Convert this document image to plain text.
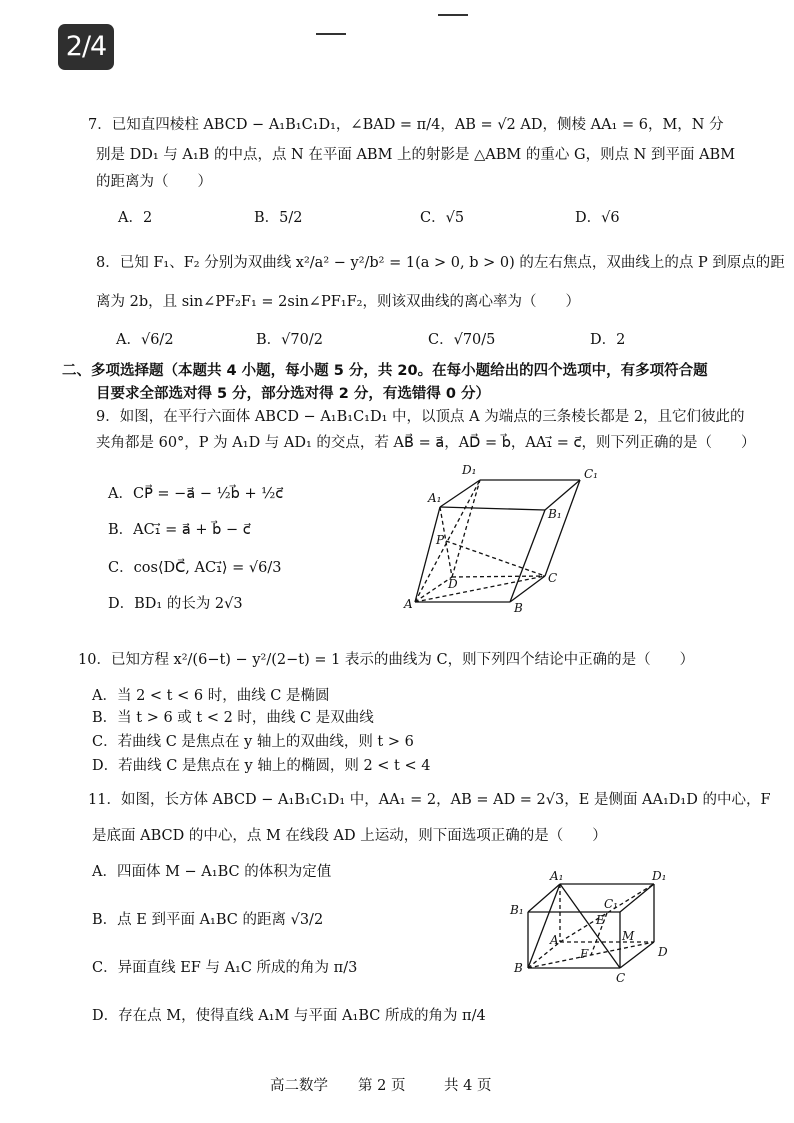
2/4
7．已知直四棱柱 ABCD − A₁B₁C₁D₁，∠BAD = π/4，AB = √2 AD，侧棱 AA₁ = 6，M，N 分
别是 DD₁ 与 A₁B 的中点，点 N 在平面 ABM 上的射影是 △ABM 的重心 G，则点 N 到平面 ABM
的距离为（　　）
A．2	B．5/2	C．√5	D．√6
8．已知 F₁、F₂ 分别为双曲线 x²/a² − y²/b² = 1(a > 0, b > 0) 的左右焦点，双曲线上的点 P 到原点的距
离为 2b，且 sin∠PF₂F₁ = 2sin∠PF₁F₂，则该双曲线的离心率为（　　）
A．√6/2	B．√70/2	C．√70/5	D．2
二、多项选择题（本题共 4 小题，每小题 5 分，共 20。在每小题给出的四个选项中，有多项符合题
目要求全部选对得 5 分，部分选对得 2 分，有选错得 0 分）
9．如图，在平行六面体 ABCD − A₁B₁C₁D₁ 中，以顶点 A 为端点的三条棱长都是 2，且它们彼此的
夹角都是 60°，P 为 A₁D 与 AD₁ 的交点，若 AB⃗ = a⃗，AD⃗ = b⃗，AA₁⃗ = c⃗，则下列正确的是（　　）
A．CP⃗ = −a⃗ − ½b⃗ + ½c⃗
B．AC₁⃗ = a⃗ + b⃗ − c⃗
C．cos⟨DC⃗, AC₁⃗⟩ = √6/3
D．BD₁ 的长为 2√3
D₁	C₁
A₁
B₁
P
D	C
A	B
10．已知方程 x²/(6−t) − y²/(2−t) = 1 表示的曲线为 C，则下列四个结论中正确的是（　　）
A．当 2 < t < 6 时，曲线 C 是椭圆
B．当 t > 6 或 t < 2 时，曲线 C 是双曲线
C．若曲线 C 是焦点在 y 轴上的双曲线，则 t > 6
D．若曲线 C 是焦点在 y 轴上的椭圆，则 2 < t < 4
11．如图，长方体 ABCD − A₁B₁C₁D₁ 中，AA₁ = 2，AB = AD = 2√3，E 是侧面 AA₁D₁D 的中心，F
是底面 ABCD 的中心，点 M 在线段 AD 上运动，则下面选项正确的是（　　）
A．四面体 M − A₁BC 的体积为定值
B．点 E 到平面 A₁BC 的距离 √3/2
C．异面直线 EF 与 A₁C 所成的角为 π/3
D．存在点 M，使得直线 A₁M 与平面 A₁BC 所成的角为 π/4
A₁	D₁
B₁	C₁
E
M
A
F	D
B
C
高二数学 第 2 页	共 4 页
